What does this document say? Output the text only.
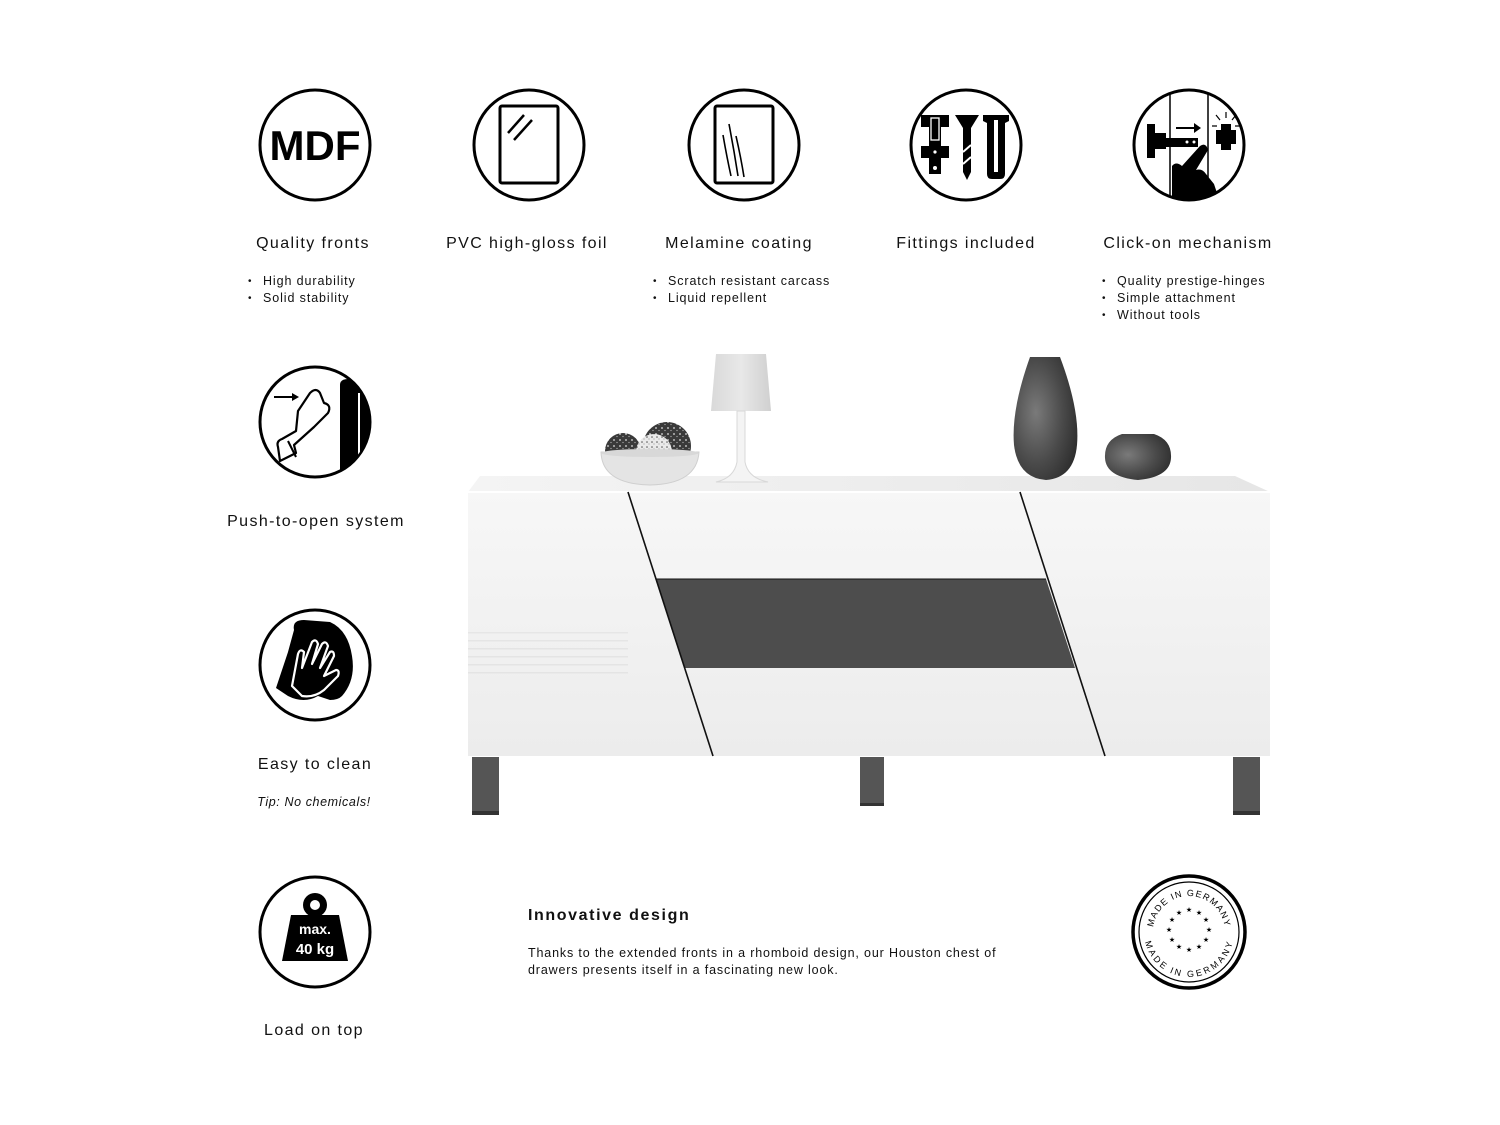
MDF
Quality fronts
• High durability
• Solid stability
PVC high-gloss foil	Melamine coating
• Scratch resistant carcass
• Liquid repellent
Fittings included	Click-on mechanism
• Quality prestige-hinges
• Simple attachment
• Without tools
Push-to-open system
Easy to clean
Tip: No chemicals!
max.
40 kg
Load on top
Innovative design
Thanks to the extended fronts in a rhomboid design, our Houston chest of drawers presents itself in a fascinating new look.
MADE IN GERMANY
MADE IN GERMANY
★ ★
★
★
★
★
★
★
★
★
★
★
